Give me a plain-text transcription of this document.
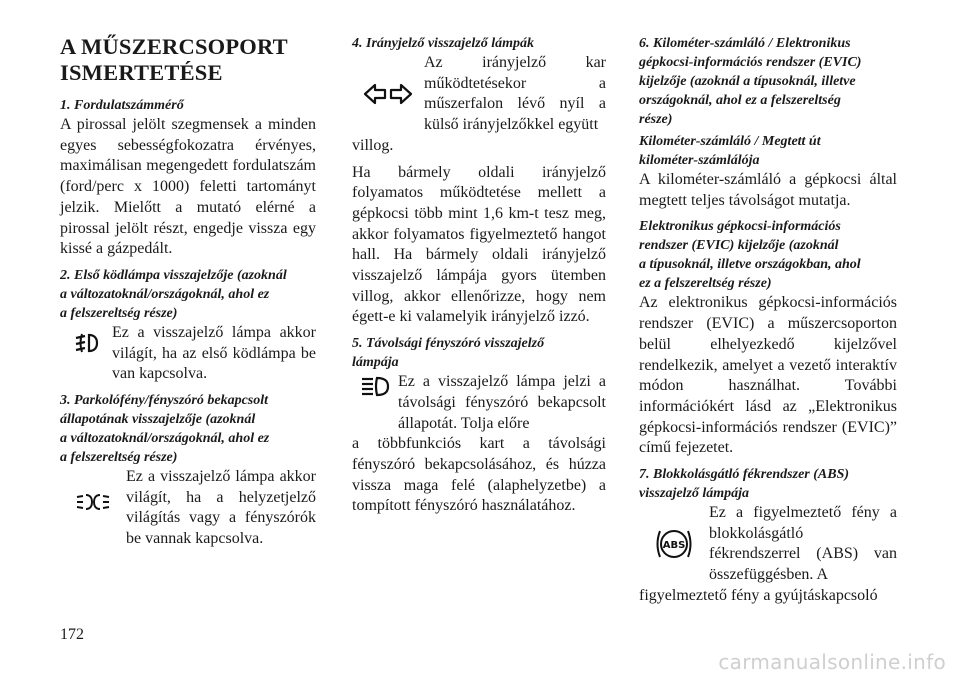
A MŰSZERCSOPORT
ISMERTETÉSE
1. Fordulatszámmérő
A pirossal jelölt szegmensek a minden egyes sebességfokozatra érvényes, maximálisan megengedett fordulatszám (ford/perc x 1000) feletti tartományt jelzik. Mielőtt a mutató elérné a pirossal jelölt részt, engedje vissza egy kissé a gázpedált.
2. Első ködlámpa visszajelzője (azoknál
a változatoknál/országoknál, ahol ez
a felszereltség része)
Ez a visszajelző lámpa akkor világít, ha az első ködlámpa be van kapcsolva.
3. Parkolófény/fényszóró bekapcsolt
állapotának visszajelzője (azoknál
a változatoknál/országoknál, ahol ez
a felszereltség része)
Ez a visszajelző lámpa akkor világít, ha a helyzetjelző világítás vagy a fényszórók be vannak kapcsolva.
4. Irányjelző visszajelző lámpák
Az irányjelző kar működtetésekor a műszerfalon lévő nyíl a külső irányjelzőkkel együtt
villog.
Ha bármely oldali irányjelző folyamatos működtetése mellett a gépkocsi több mint 1,6 km-t tesz meg, akkor folyamatos figyelmeztető hangot hall. Ha bármely oldali irányjelző visszajelző lámpája gyors ütemben villog, akkor ellenőrizze, hogy nem égett-e ki valamelyik irányjelző izzó.
5. Távolsági fényszóró visszajelző
lámpája
Ez a visszajelző lámpa jelzi a távolsági fényszóró bekapcsolt állapotát. Tolja előre
a többfunkciós kart a távolsági fényszóró bekapcsolásához, és húzza vissza maga felé (alaphelyzetbe) a tompított fényszóró használatához.
6. Kilométer-számláló / Elektronikus
gépkocsi-információs rendszer (EVIC)
kijelzője (azoknál a típusoknál, illetve
országoknál, ahol ez a felszereltség
része)
Kilométer-számláló / Megtett út
kilométer-számlálója
A kilométer-számláló a gépkocsi által megtett teljes távolságot mutatja.
Elektronikus gépkocsi-információs
rendszer (EVIC) kijelzője (azoknál
a típusoknál, illetve országokban, ahol
ez a felszereltség része)
Az elektronikus gépkocsi-információs rendszer (EVIC) a műszercsoporton belül elhelyezkedő kijelzővel rendelkezik, amelyet a vezető interaktív módon használhat. További információkért lásd az „Elektronikus gépkocsi-információs rendszer (EVIC)” című fejezetet.
7. Blokkolásgátló fékrendszer (ABS)
visszajelző lámpája
ABS
Ez a figyelmeztető fény a blokkolásgátló fékrendszerrel (ABS) van összefüggésben. A
figyelmeztető fény a gyújtáskapcsoló
172
carmanualsonline.info
